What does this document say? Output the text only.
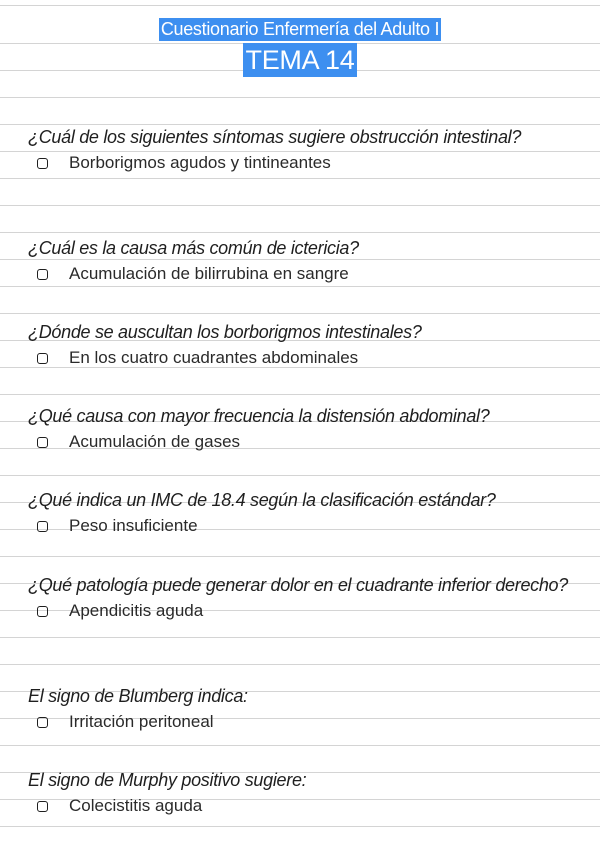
Cuestionario Enfermería del Adulto I
TEMA 14

¿Cuál de los siguientes síntomas sugiere obstrucción intestinal?

Borborigmos agudos y tintineantes

¿Cuál es la causa más común de ictericia?

Acumulación de bilirrubina en sangre

¿Dónde se auscultan los borborigmos intestinales?

En los cuatro cuadrantes abdominales

¿Qué causa con mayor frecuencia la distensión abdominal?

Acumulación de gases

¿Qué indica un IMC de 18.4 según la clasificación estándar?

Peso insuficiente

¿Qué patología puede generar dolor en el cuadrante inferior derecho?

Apendicitis aguda

El signo de Blumberg indica:

Irritación peritoneal

El signo de Murphy positivo sugiere:

Colecistitis aguda
